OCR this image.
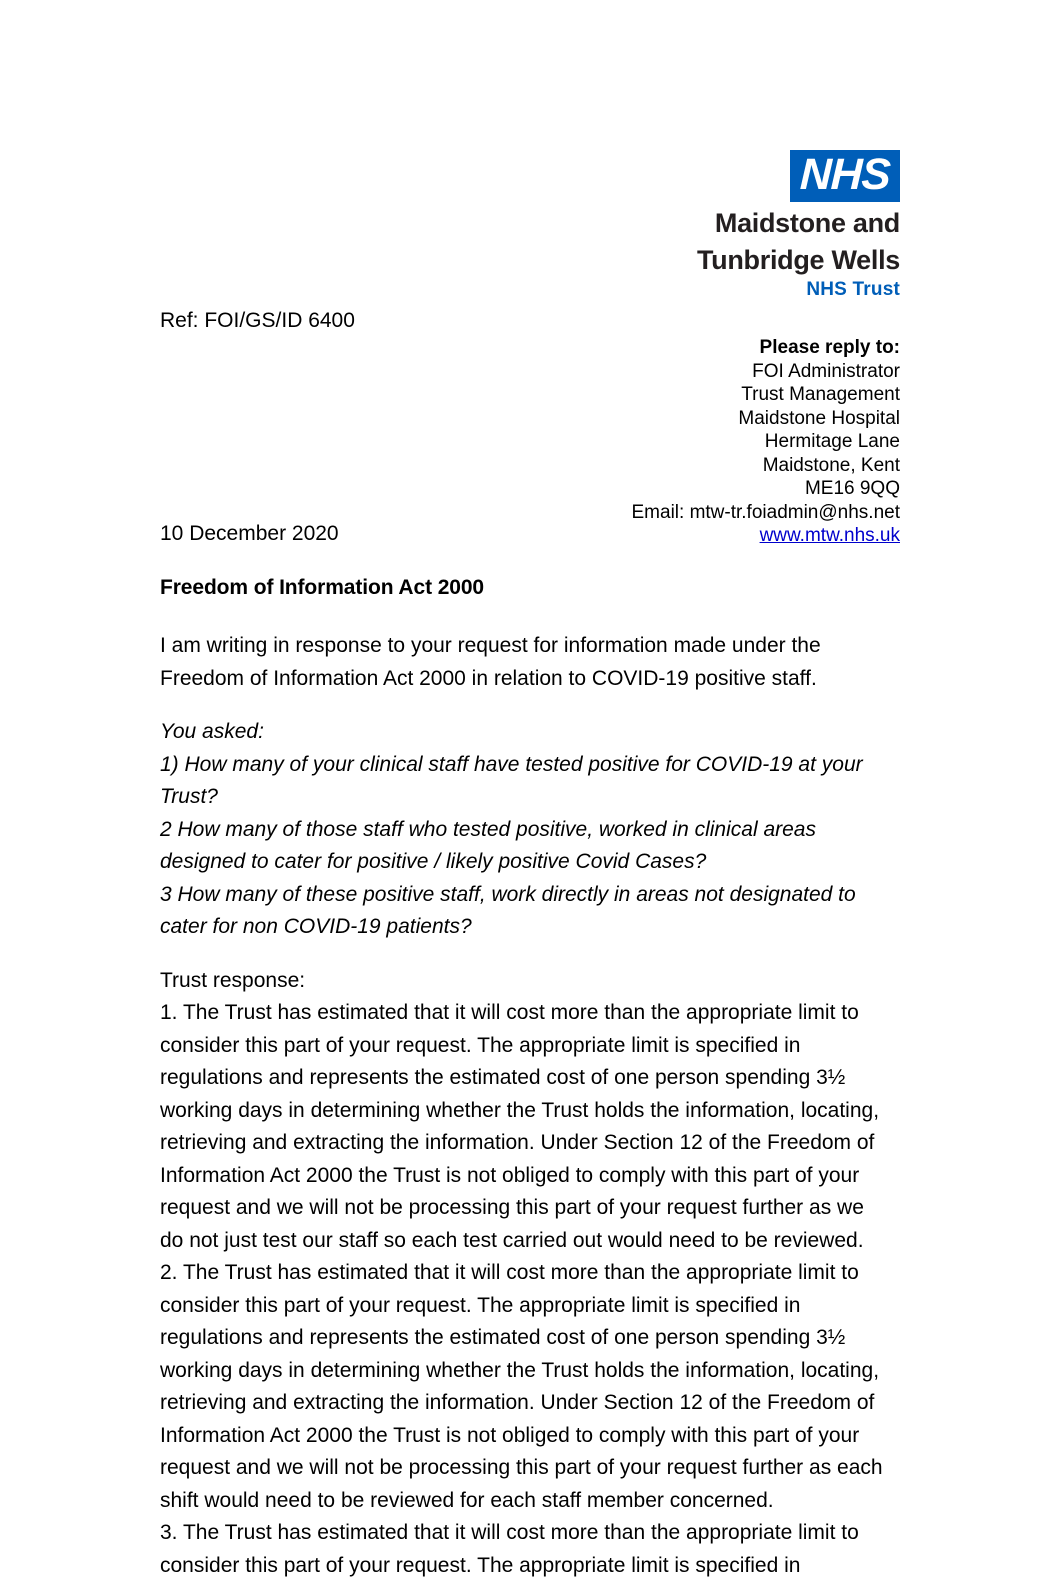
NHS
Maidstone and
Tunbridge Wells
NHS Trust
Ref: FOI/GS/ID 6400
Please reply to:
FOI Administrator
Trust Management
Maidstone Hospital
Hermitage Lane
Maidstone, Kent
ME16 9QQ
Email: mtw-tr.foiadmin@nhs.net
www.mtw.nhs.uk
10 December 2020
Freedom of Information Act 2000

I am writing in response to your request for information made under the
Freedom of Information Act 2000 in relation to COVID-19 positive staff.

You asked:
1) How many of your clinical staff have tested positive for COVID-19 at your
Trust?
2 How many of those staff who tested positive, worked in clinical areas
designed to cater for positive / likely positive Covid Cases?
3 How many of these positive staff, work directly in areas not designated to
cater for non COVID-19 patients?

Trust response:
1. The Trust has estimated that it will cost more than the appropriate limit to
consider this part of your request. The appropriate limit is specified in
regulations and represents the estimated cost of one person spending 3½
working days in determining whether the Trust holds the information, locating,
retrieving and extracting the information. Under Section 12 of the Freedom of
Information Act 2000 the Trust is not obliged to comply with this part of your
request and we will not be processing this part of your request further as we
do not just test our staff so each test carried out would need to be reviewed.
2. The Trust has estimated that it will cost more than the appropriate limit to
consider this part of your request. The appropriate limit is specified in
regulations and represents the estimated cost of one person spending 3½
working days in determining whether the Trust holds the information, locating,
retrieving and extracting the information. Under Section 12 of the Freedom of
Information Act 2000 the Trust is not obliged to comply with this part of your
request and we will not be processing this part of your request further as each
shift would need to be reviewed for each staff member concerned.
3. The Trust has estimated that it will cost more than the appropriate limit to
consider this part of your request. The appropriate limit is specified in
